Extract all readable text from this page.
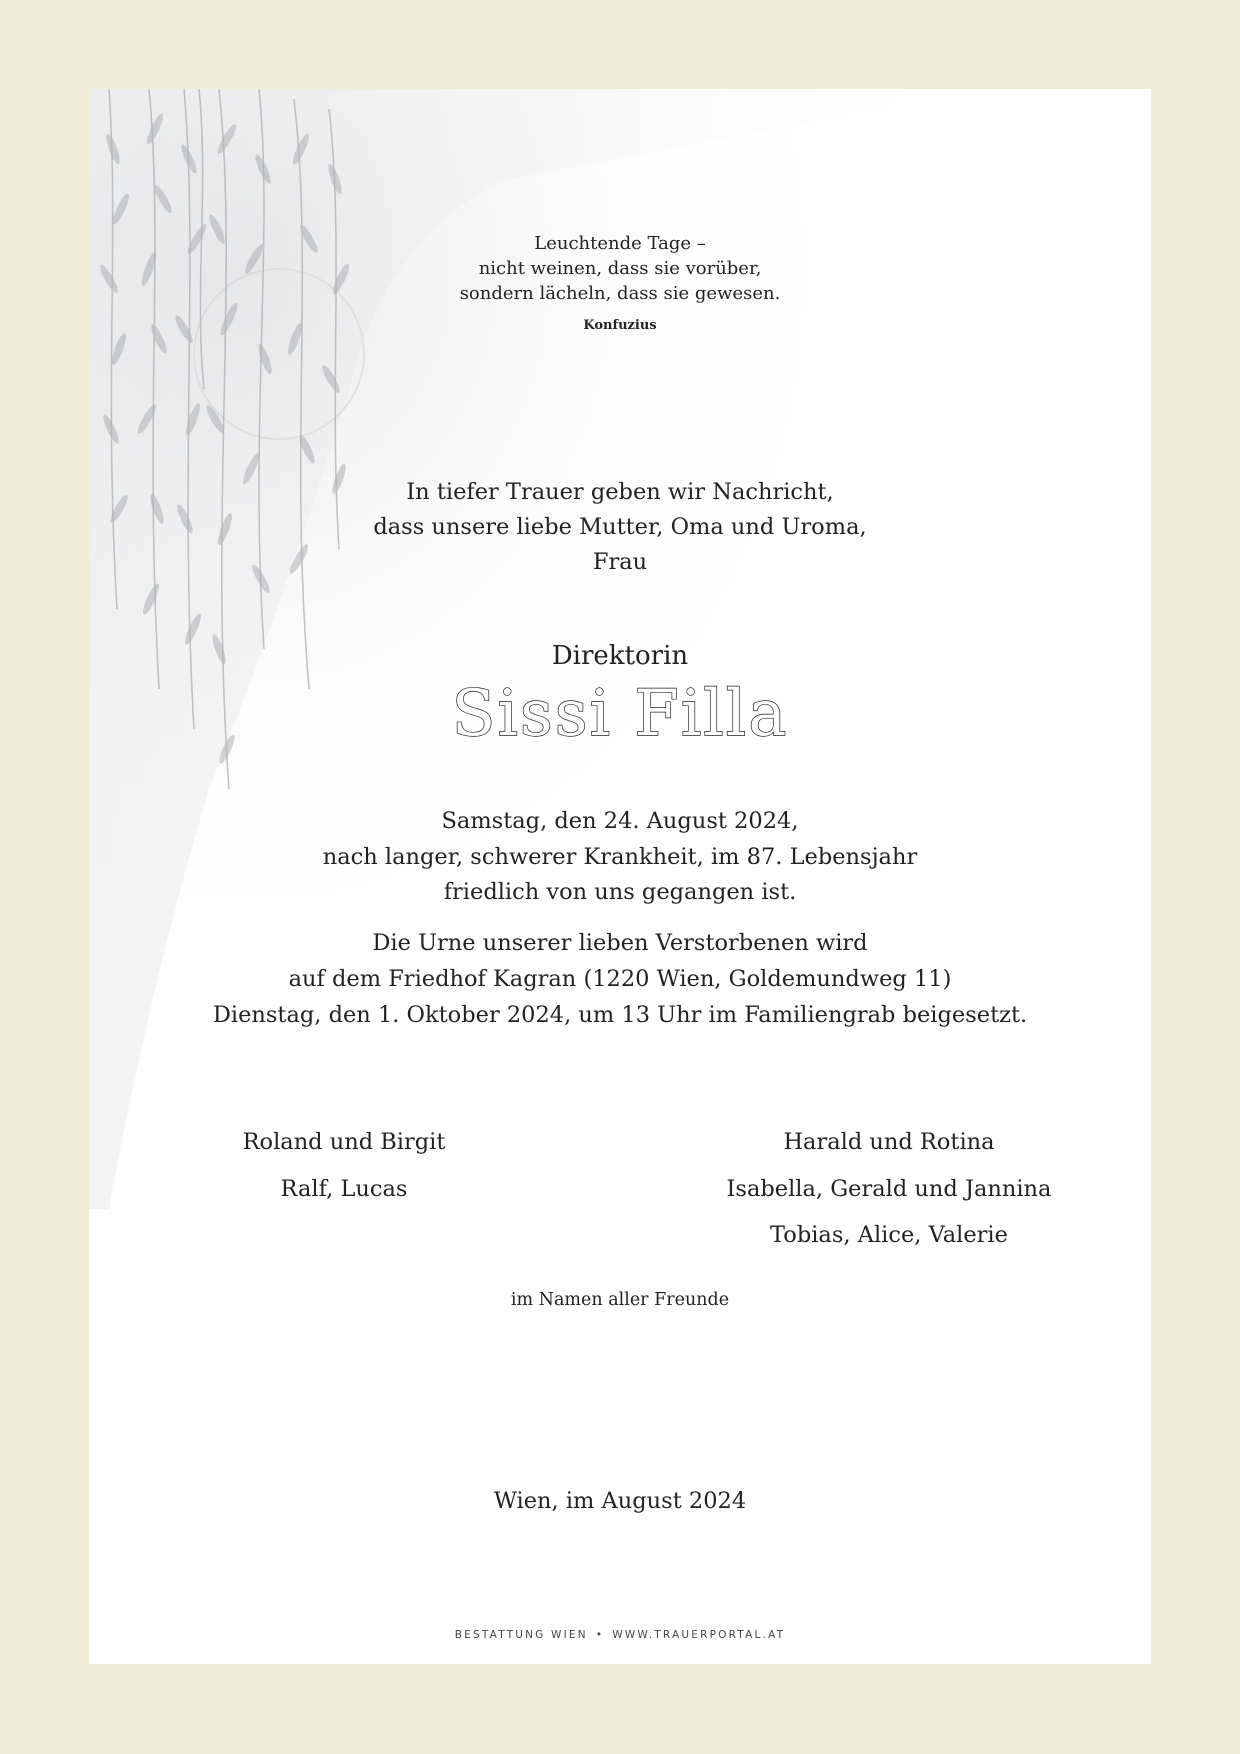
Leuchtende Tage –
nicht weinen, dass sie vorüber,
sondern lächeln, dass sie gewesen.
Konfuzius
In tiefer Trauer geben wir Nachricht,
dass unsere liebe Mutter, Oma und Uroma,
Frau
Direktorin
Sissi Filla
Samstag, den 24. August 2024,
nach langer, schwerer Krankheit, im 87. Lebensjahr
friedlich von uns gegangen ist.
Die Urne unserer lieben Verstorbenen wird
auf dem Friedhof Kagran (1220 Wien, Goldemundweg 11)
Dienstag, den 1. Oktober 2024, um 13 Uhr im Familiengrab beigesetzt.
Roland und Birgit
Ralf, Lucas
Harald und Rotina
Isabella, Gerald und Jannina
Tobias, Alice, Valerie
im Namen aller Freunde
Wien, im August 2024
BESTATTUNG WIEN • WWW.TRAUERPORTAL.AT
